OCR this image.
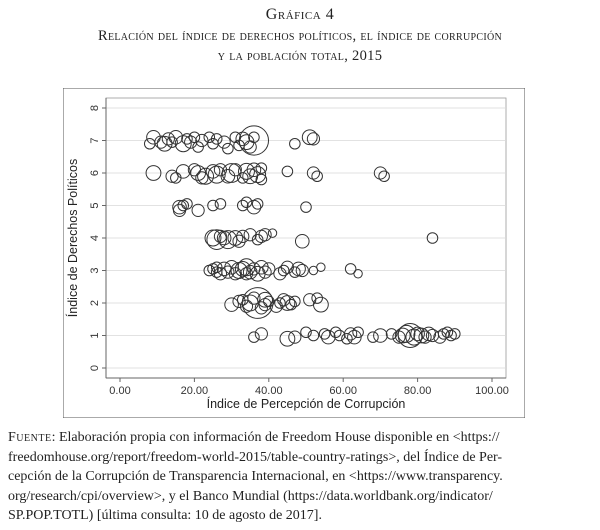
Gráfica 4
Relación del índice de derechos políticos, el índice de corrupción
y la población total, 2015
0
1
2
3
4
5
6
7
8
0.00	20.00	40.00	60.00	80.00	100.00
Índice de Percepción de Corrupción
Índice de Derechos Políticos
Fuente: Elaboración propia con información de Freedom House disponible en <https://
freedomhouse.org/report/freedom-world-2015/table-country-ratings>, del Índice de Per-
cepción de la Corrupción de Transparencia Internacional, en <https://www.transparency.
org/research/cpi/overview>, y el Banco Mundial (https://data.worldbank.org/indicator/
SP.POP.TOTL) [última consulta: 10 de agosto de 2017].
